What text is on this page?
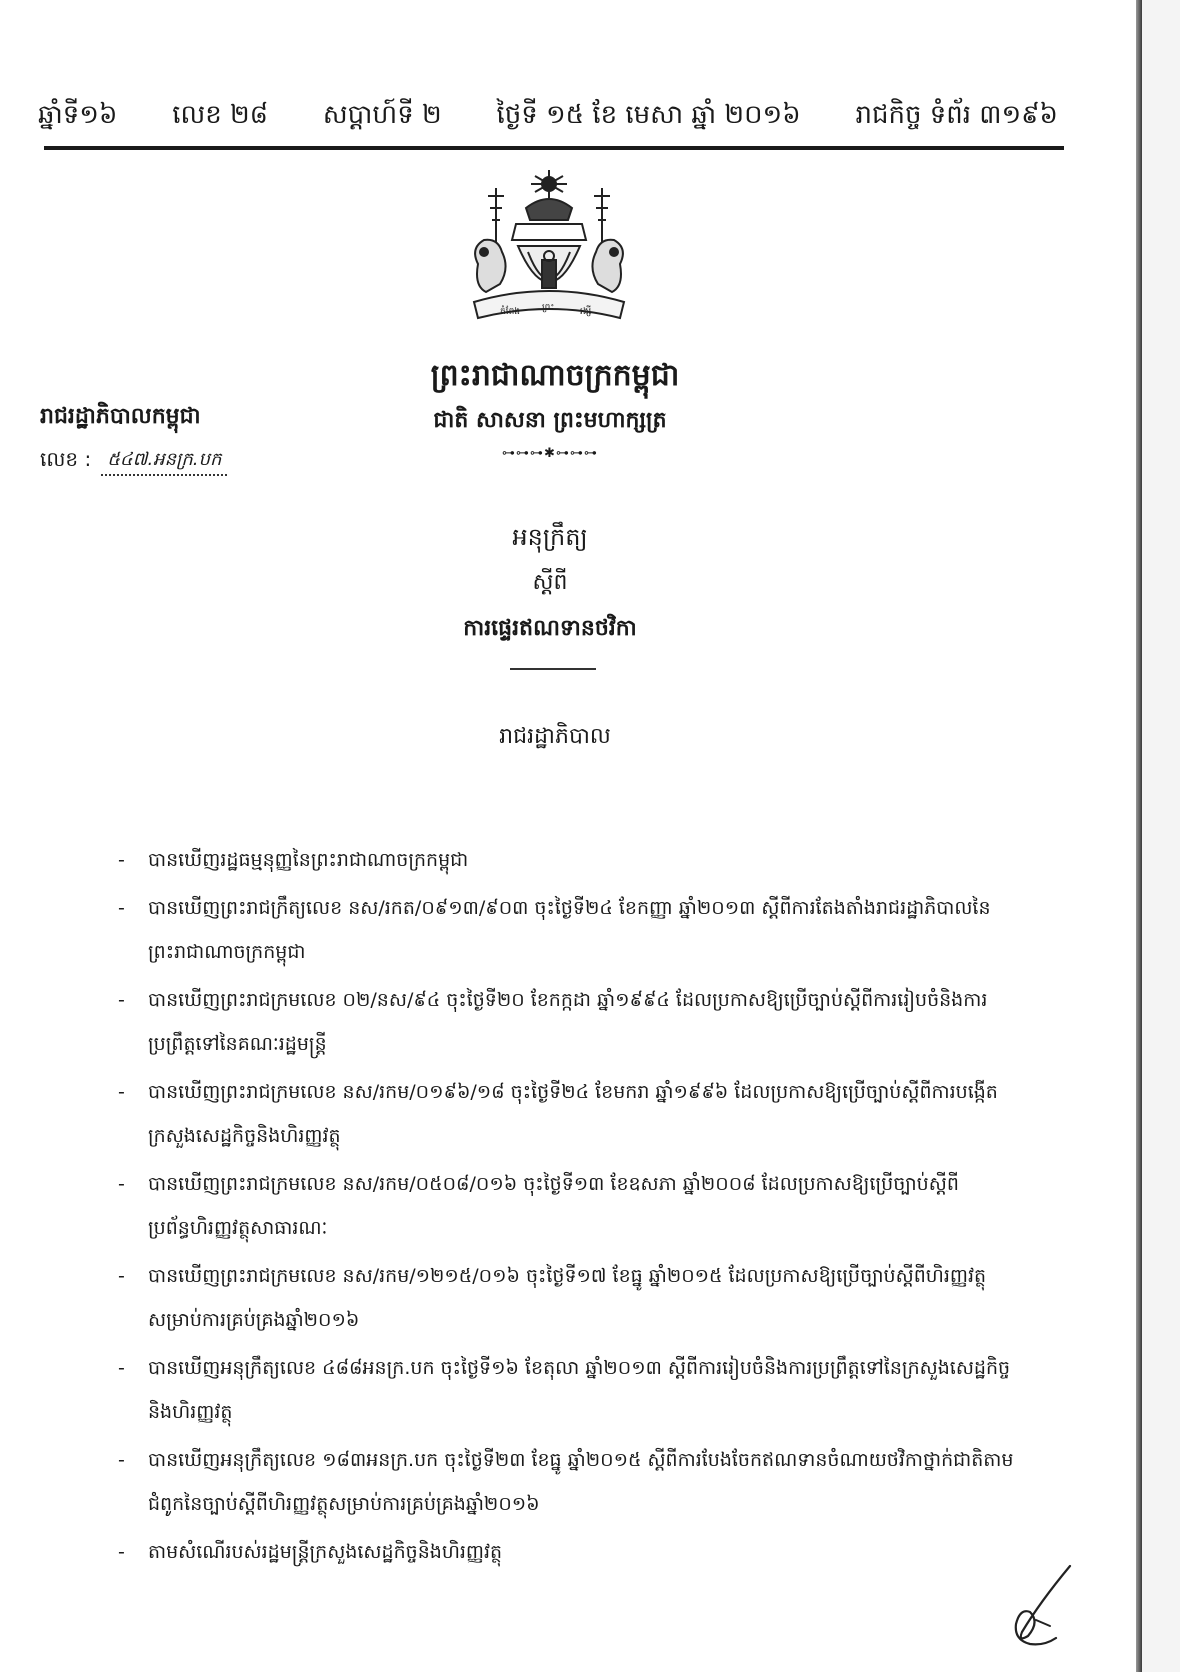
ឆ្នាំទី១៦ លេខ ២៨ សប្តាហ៍ទី ២ ថ្ងៃទី ១៥ ខែ មេសា ឆ្នាំ ២០១៦ រាជកិច្ច ទំព័រ ៣១៩៦
កំពែង ព្រះ	រង្សី
ព្រះរាជាណាចក្រកម្ពុជា
ជាតិ សាសនា ព្រះមហាក្សត្រ
⊶⊶⊶✱⊶⊶⊶
រាជរដ្ឋាភិបាលកម្ពុជា
លេខ : ៥៤៧.អនក្រ.បក
អនុក្រឹត្យ
ស្តីពី
ការផ្ទេរឥណទានថវិកា
រាជរដ្ឋាភិបាល
- បានឃើញរដ្ឋធម្មនុញ្ញនៃព្រះរាជាណាចក្រកម្ពុជា
- បានឃើញព្រះរាជក្រឹត្យលេខ នស/រកត/០៩១៣/៩០៣ ចុះថ្ងៃទី២៤ ខែកញ្ញា ឆ្នាំ២០១៣ ស្តីពីការតែងតាំងរាជរដ្ឋាភិបាលនៃព្រះរាជាណាចក្រកម្ពុជា
- បានឃើញព្រះរាជក្រមលេខ ០២/នស/៩៤ ចុះថ្ងៃទី២០ ខែកក្កដា ឆ្នាំ១៩៩៤ ដែលប្រកាសឱ្យប្រើច្បាប់ស្តីពីការរៀបចំនិងការប្រព្រឹត្តទៅនៃគណៈរដ្ឋមន្ត្រី
- បានឃើញព្រះរាជក្រមលេខ នស/រកម/០១៩៦/១៨ ចុះថ្ងៃទី២៤ ខែមករា ឆ្នាំ១៩៩៦ ដែលប្រកាសឱ្យប្រើច្បាប់ស្តីពីការបង្កើតក្រសួងសេដ្ឋកិច្ចនិងហិរញ្ញវត្ថុ
- បានឃើញព្រះរាជក្រមលេខ នស/រកម/០៥០៨/០១៦ ចុះថ្ងៃទី១៣ ខែឧសភា ឆ្នាំ២០០៨ ដែលប្រកាសឱ្យប្រើច្បាប់ស្តីពីប្រព័ន្ធហិរញ្ញវត្ថុសាធារណៈ
- បានឃើញព្រះរាជក្រមលេខ នស/រកម/១២១៥/០១៦ ចុះថ្ងៃទី១៧ ខែធ្នូ ឆ្នាំ២០១៥ ដែលប្រកាសឱ្យប្រើច្បាប់ស្តីពីហិរញ្ញវត្ថុសម្រាប់ការគ្រប់គ្រងឆ្នាំ២០១៦
- បានឃើញអនុក្រឹត្យលេខ ៤៨៨អនក្រ.បក ចុះថ្ងៃទី១៦ ខែតុលា ឆ្នាំ២០១៣ ស្តីពីការរៀបចំនិងការប្រព្រឹត្តទៅនៃក្រសួងសេដ្ឋកិច្ចនិងហិរញ្ញវត្ថុ
- បានឃើញអនុក្រឹត្យលេខ ១៨៣អនក្រ.បក ចុះថ្ងៃទី២៣ ខែធ្នូ ឆ្នាំ២០១៥ ស្តីពីការបែងចែកឥណទានចំណាយថវិកាថ្នាក់ជាតិតាមជំពូកនៃច្បាប់ស្តីពីហិរញ្ញវត្ថុសម្រាប់ការគ្រប់គ្រងឆ្នាំ២០១៦
- តាមសំណើរបស់រដ្ឋមន្ត្រីក្រសួងសេដ្ឋកិច្ចនិងហិរញ្ញវត្ថុ
